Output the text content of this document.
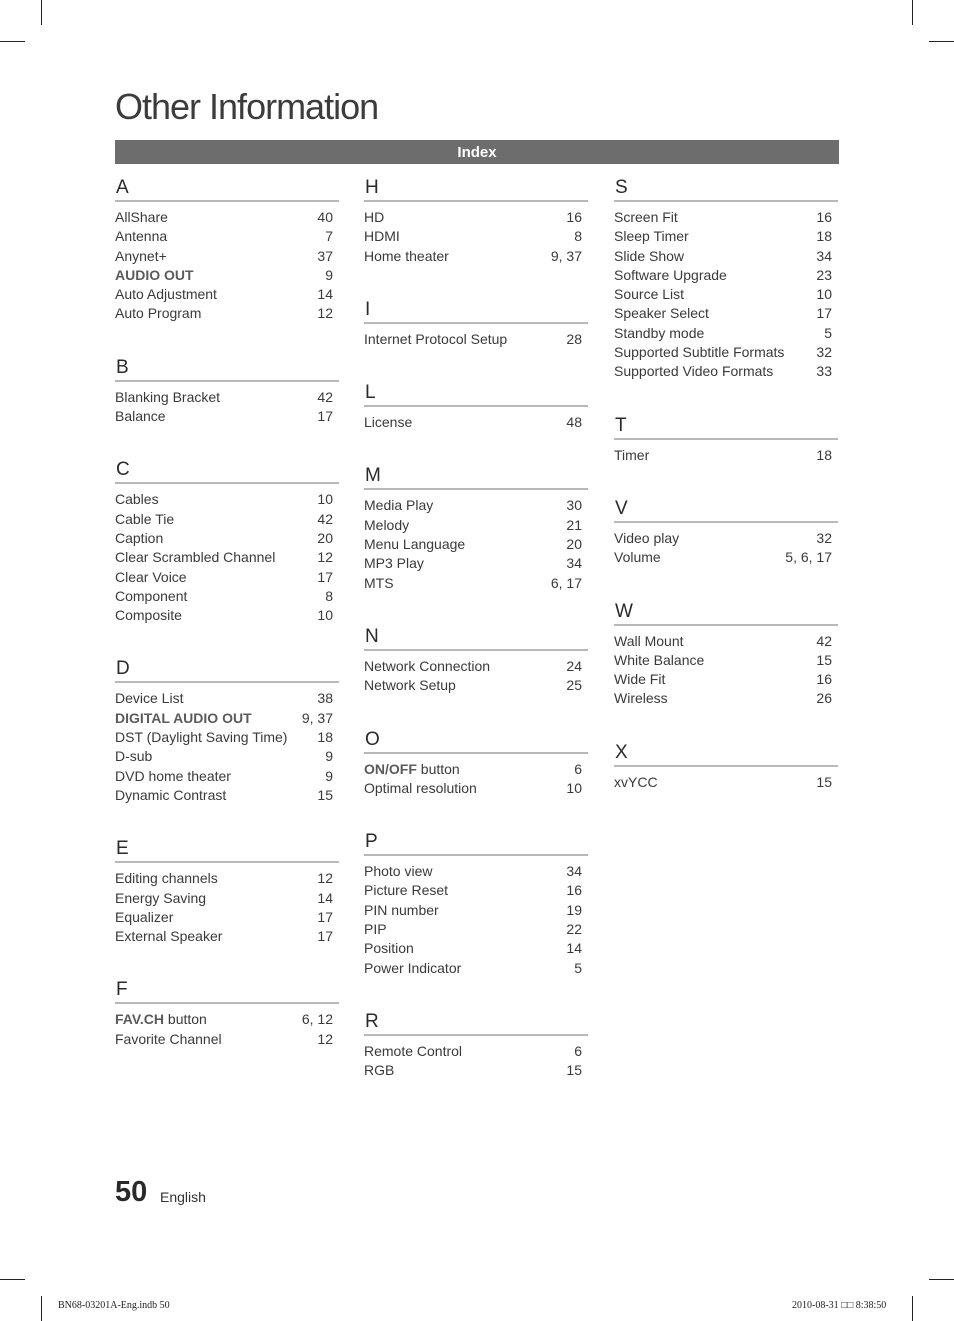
Other Information
Index
A
AllShare	40
Antenna	7
Anynet+	37
AUDIO OUT	9
Auto Adjustment	14
Auto Program	12
B
Blanking Bracket	42
Balance	17
C
Cables	10
Cable Tie	42
Caption	20
Clear Scrambled Channel	12
Clear Voice	17
Component	8
Composite	10
D
Device List	38
DIGITAL AUDIO OUT	9, 37
DST (Daylight Saving Time) 18
D-sub	9
DVD home theater	9
Dynamic Contrast	15
E
Editing channels	12
Energy Saving	14
Equalizer	17
External Speaker	17
F
FAV.CH button	6, 12
Favorite Channel	12
H
HD	16
HDMI	8
Home theater	9, 37
I
Internet Protocol Setup	28
L
License	48
M
Media Play	30
Melody	21
Menu Language	20
MP3 Play	34
MTS	6, 17
N
Network Connection	24
Network Setup	25
O
ON/OFF button	6
Optimal resolution	10
P
Photo view	34
Picture Reset	16
PIN number	19
PIP	22
Position	14
Power Indicator	5
R
Remote Control	6
RGB	15
S
Screen Fit	16
Sleep Timer	18
Slide Show	34
Software Upgrade	23
Source List	10
Speaker Select	17
Standby mode	5
Supported Subtitle Formats 32
Supported Video Formats	33
T
Timer	18
V
Video play	32
Volume	5, 6, 17
W
Wall Mount	42
White Balance	15
Wide Fit	16
Wireless	26
X
xvYCC	15
50 English
BN68-03201A-Eng.indb 50	2010-08-31 □□ 8:38:50
